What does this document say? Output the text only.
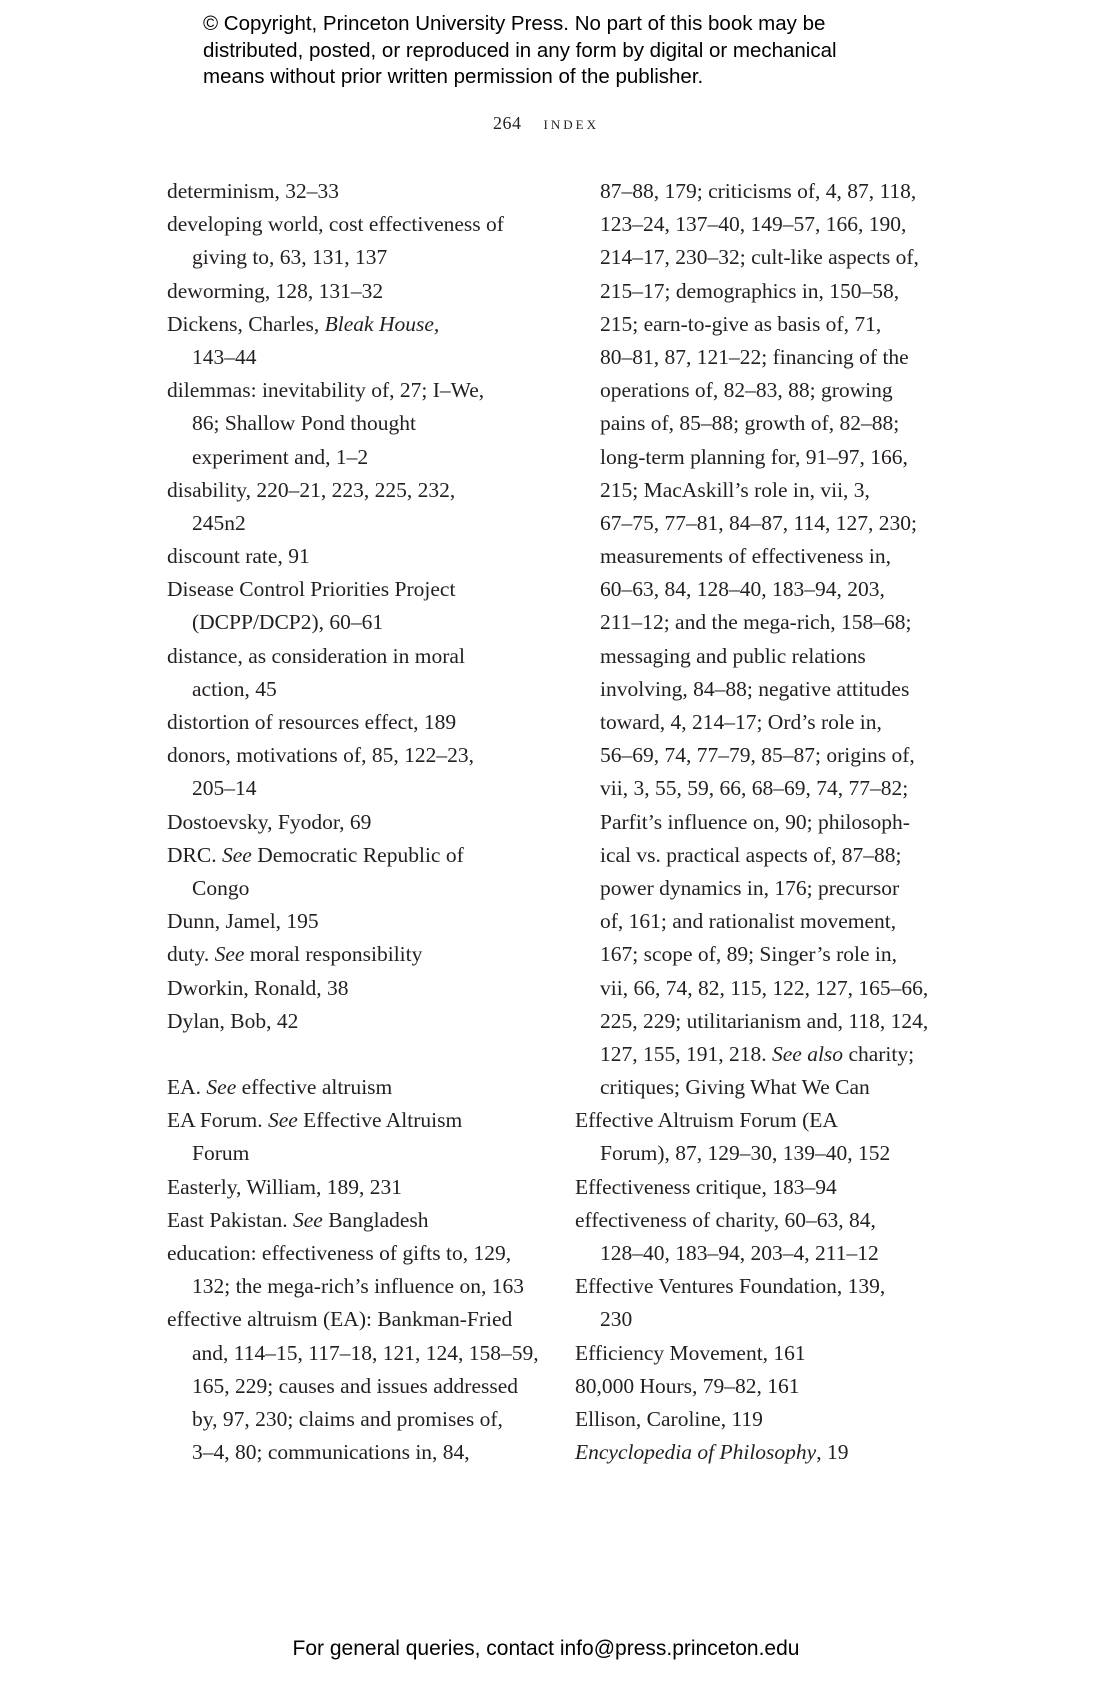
© Copyright, Princeton University Press. No part of this book may be
distributed, posted, or reproduced in any form by digital or mechanical
means without prior written permission of the publisher.
264 index
determinism, 32–33
developing world, cost effectiveness of
giving to, 63, 131, 137
deworming, 128, 131–32
Dickens, Charles, Bleak House,
143–44
dilemmas: inevitability of, 27; I–We,
86; Shallow Pond thought
experiment and, 1–2
disability, 220–21, 223, 225, 232,
245n2
discount rate, 91
Disease Control Priorities Project
(DCPP/DCP2), 60–61
distance, as consideration in moral
action, 45
distortion of resources effect, 189
donors, motivations of, 85, 122–23,
205–14
Dostoevsky, Fyodor, 69
DRC. See Democratic Republic of
Congo
Dunn, Jamel, 195
duty. See moral responsibility
Dworkin, Ronald, 38
Dylan, Bob, 42
EA. See effective altruism
EA Forum. See Effective Altruism
Forum
Easterly, William, 189, 231
East Pakistan. See Bangladesh
education: effectiveness of gifts to, 129,
132; the mega-rich’s influence on, 163
effective altruism (EA): Bankman-Fried
and, 114–15, 117–18, 121, 124, 158–59,
165, 229; causes and issues addressed
by, 97, 230; claims and promises of,
3–4, 80; communications in, 84,
87–88, 179; criticisms of, 4, 87, 118,
123–24, 137–40, 149–57, 166, 190,
214–17, 230–32; cult-like aspects of,
215–17; demographics in, 150–58,
215; earn-to-give as basis of, 71,
80–81, 87, 121–22; financing of the
operations of, 82–83, 88; growing
pains of, 85–88; growth of, 82–88;
long-term planning for, 91–97, 166,
215; MacAskill’s role in, vii, 3,
67–75, 77–81, 84–87, 114, 127, 230;
measurements of effectiveness in,
60–63, 84, 128–40, 183–94, 203,
211–12; and the mega-rich, 158–68;
messaging and public relations
involving, 84–88; negative attitudes
toward, 4, 214–17; Ord’s role in,
56–69, 74, 77–79, 85–87; origins of,
vii, 3, 55, 59, 66, 68–69, 74, 77–82;
Parfit’s influence on, 90; philosoph-
ical vs. practical aspects of, 87–88;
power dynamics in, 176; precursor
of, 161; and rationalist movement,
167; scope of, 89; Singer’s role in,
vii, 66, 74, 82, 115, 122, 127, 165–66,
225, 229; utilitarianism and, 118, 124,
127, 155, 191, 218. See also charity;
critiques; Giving What We Can
Effective Altruism Forum (EA
Forum), 87, 129–30, 139–40, 152
Effectiveness critique, 183–94
effectiveness of charity, 60–63, 84,
128–40, 183–94, 203–4, 211–12
Effective Ventures Foundation, 139,
230
Efficiency Movement, 161
80,000 Hours, 79–82, 161
Ellison, Caroline, 119
Encyclopedia of Philosophy, 19
For general queries, contact info@press.princeton.edu
